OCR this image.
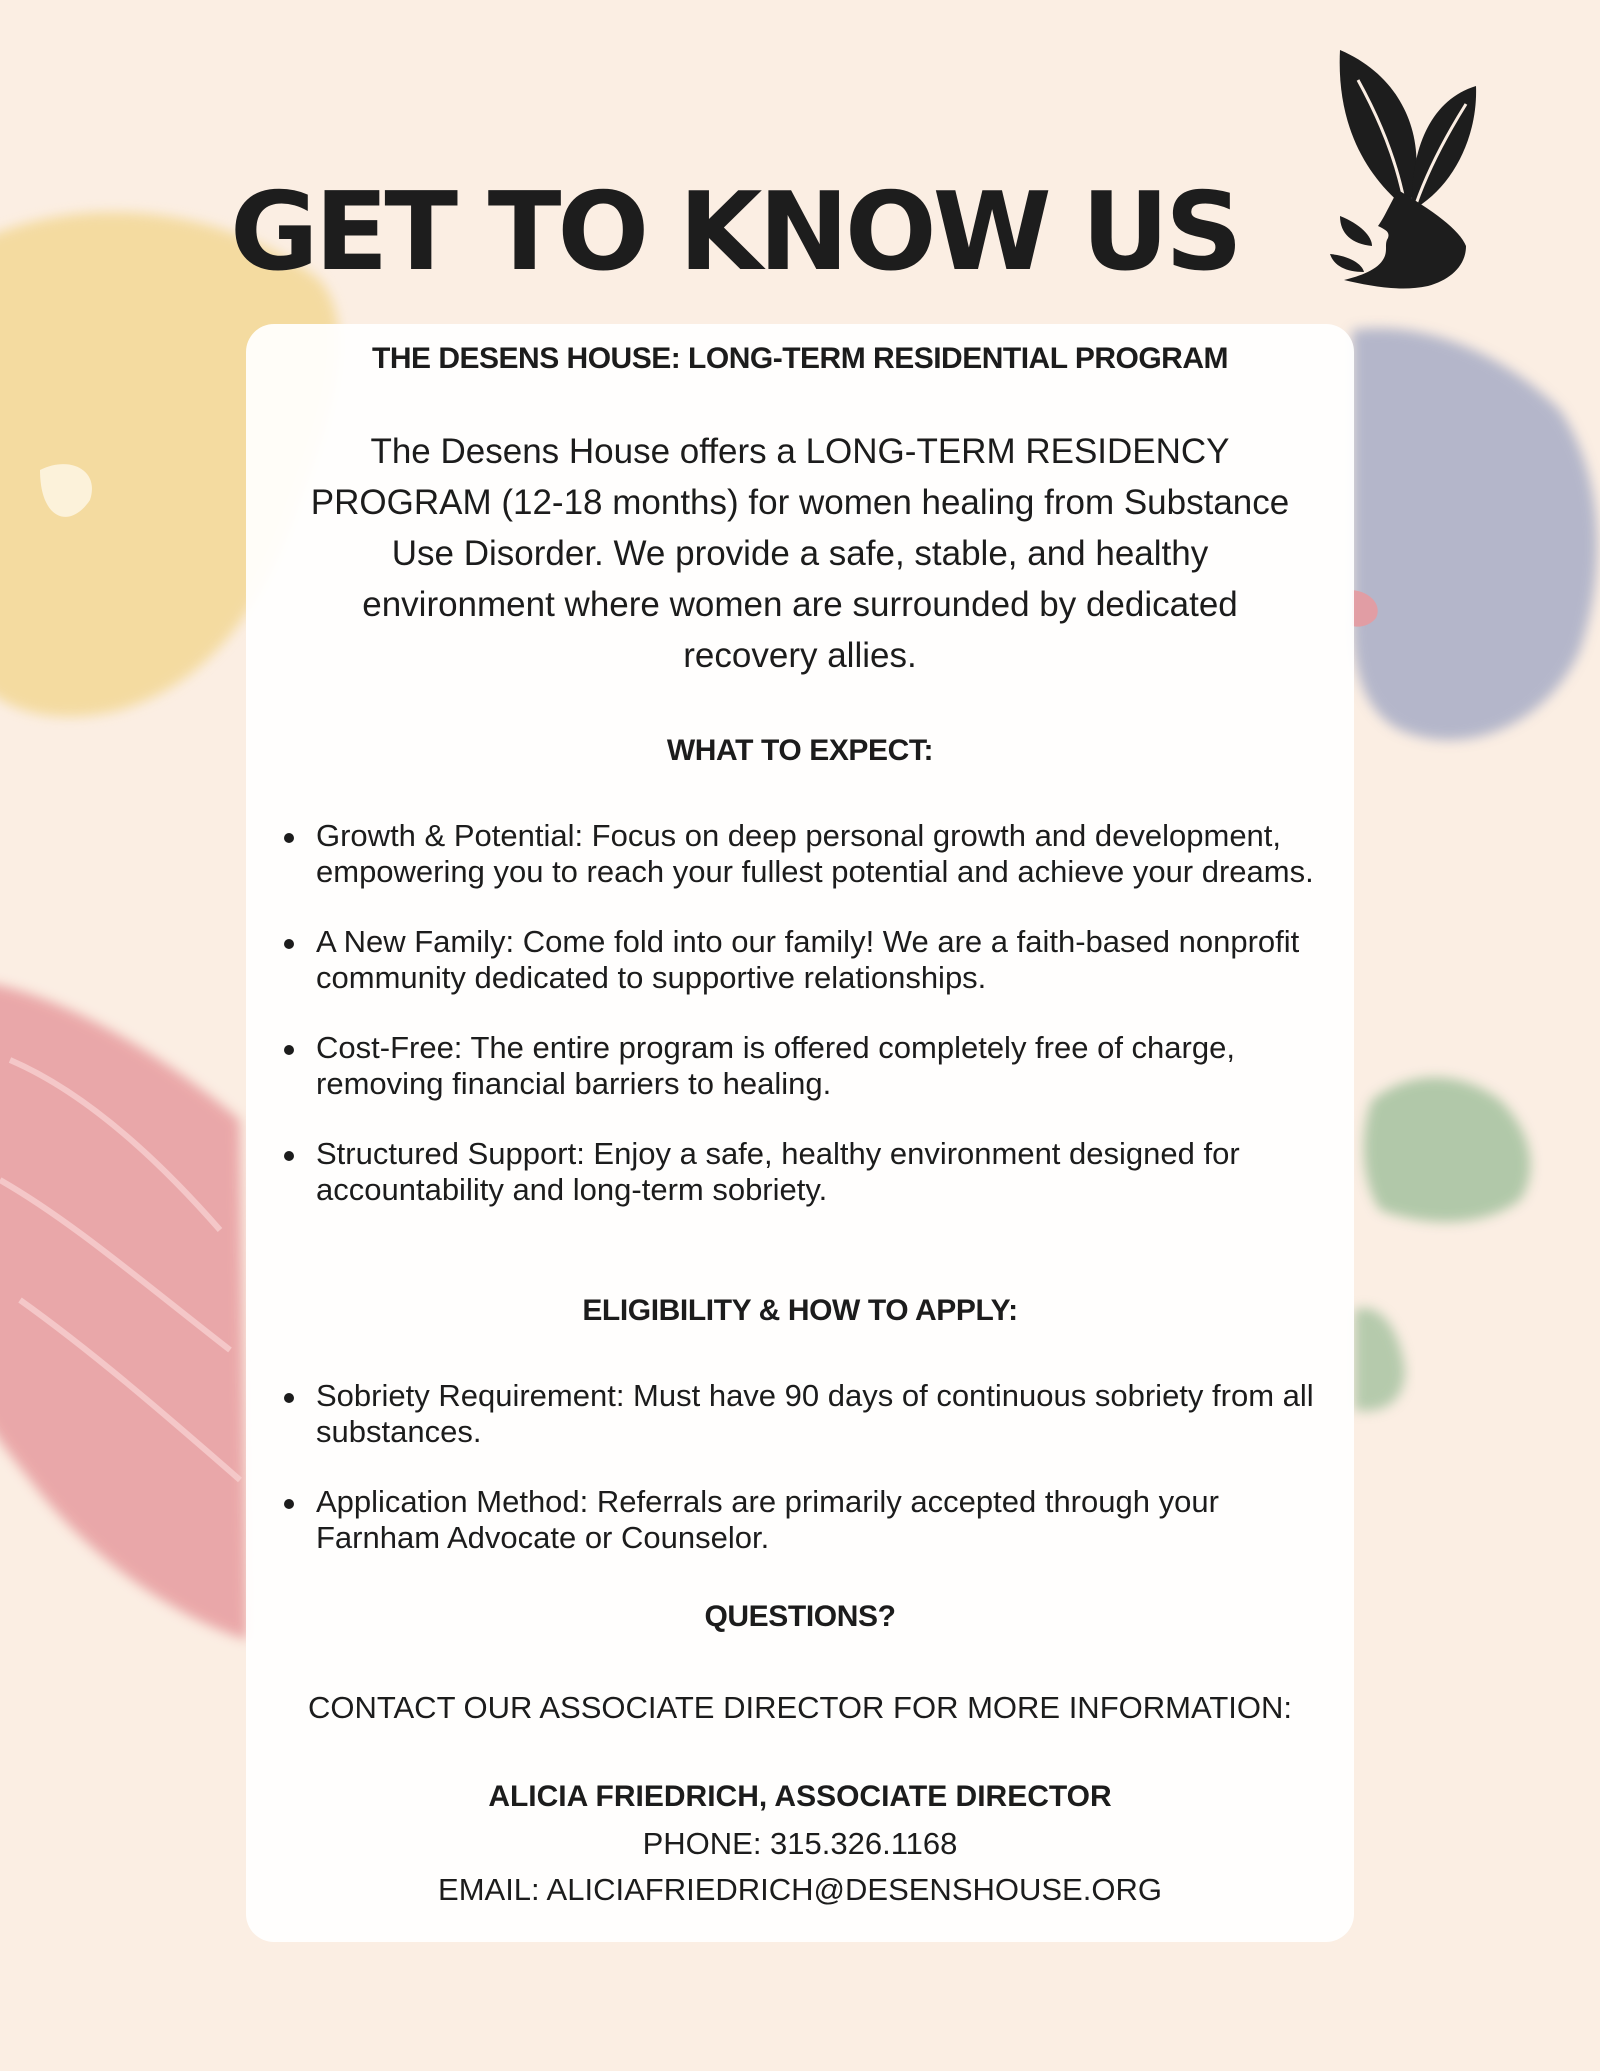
GET TO KNOW US
THE DESENS HOUSE: LONG-TERM RESIDENTIAL PROGRAM
The Desens House offers a LONG-TERM RESIDENCY
PROGRAM (12-18 months) for women healing from Substance
Use Disorder. We provide a safe, stable, and healthy
environment where women are surrounded by dedicated
recovery allies.
WHAT TO EXPECT:
Growth & Potential: Focus on deep personal growth and development, empowering you to reach your fullest potential and achieve your dreams.
A New Family: Come fold into our family! We are a faith-based nonprofit community dedicated to supportive relationships.
Cost-Free: The entire program is offered completely free of charge, removing financial barriers to healing.
Structured Support: Enjoy a safe, healthy environment designed for accountability and long-term sobriety.
ELIGIBILITY & HOW TO APPLY:
Sobriety Requirement: Must have 90 days of continuous sobriety from all substances.
Application Method: Referrals are primarily accepted through your Farnham Advocate or Counselor.
QUESTIONS?
CONTACT OUR ASSOCIATE DIRECTOR FOR MORE INFORMATION:
ALICIA FRIEDRICH, ASSOCIATE DIRECTOR
PHONE: 315.326.1168
EMAIL: ALICIAFRIEDRICH@DESENSHOUSE.ORG
